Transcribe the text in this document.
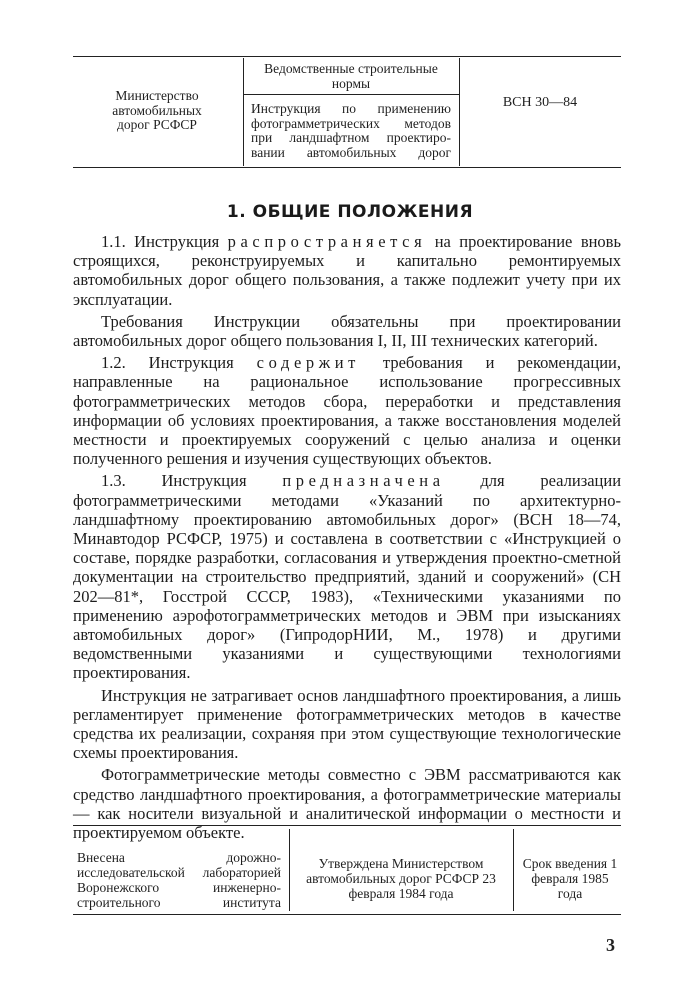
Министерство
автомобильных
дорог РСФСР
Ведомственные строительные
нормы
Инструкция по применению
фотограмметрических методов
при ландшафтном проектиро-
вании автомобильных дорог
ВСН 30—84
1. ОБЩИЕ ПОЛОЖЕНИЯ

1.1. Инструкция распространяется на проектирование вновь строящихся, реконструируемых и капитально ремонтируемых автомобильных дорог общего пользования, а также подлежит учету при их эксплуатации.

Требования Инструкции обязательны при проектировании автомобильных дорог общего пользования I, II, III технических категорий.

1.2. Инструкция содержит требования и рекомендации, направленные на рациональное использование прогрессивных фотограмметрических методов сбора, переработки и представления информации об условиях проектирования, а также восстановления моделей местности и проектируемых сооружений с целью анализа и оценки полученного решения и изучения существующих объектов.

1.3. Инструкция предназначена для реализации фотограмметрическими методами «Указаний по архитектурно-ландшафтному проектированию автомобильных дорог» (ВСН 18—74, Минавтодор РСФСР, 1975) и составлена в соответствии с «Инструкцией о составе, порядке разработки, согласования и утверждения проектно-сметной документации на строительство предприятий, зданий и сооружений» (СН 202—81*, Госстрой СССР, 1983), «Техническими указаниями по применению аэрофотограмметрических методов и ЭВМ при изысканиях автомобильных дорог» (ГипродорНИИ, М., 1978) и другими ведомственными указаниями и существующими технологиями проектирования.

Инструкция не затрагивает основ ландшафтного проектирования, а лишь регламентирует применение фотограмметрических методов в качестве средства их реализации, сохраняя при этом существующие технологические схемы проектирования.

Фотограмметрические методы совместно с ЭВМ рассматриваются как средство ландшафтного проектирования, а фотограмметрические материалы — как носители визуальной и аналитической информации о местности и проектируемом объекте.

Внесена дорожно-исследовательской лабораторией Воронежского инженерно-строительного института
Утверждена Министерством автомобильных дорог РСФСР 23 февраля 1984 года
Срок введения 1 февраля 1985 года
3
